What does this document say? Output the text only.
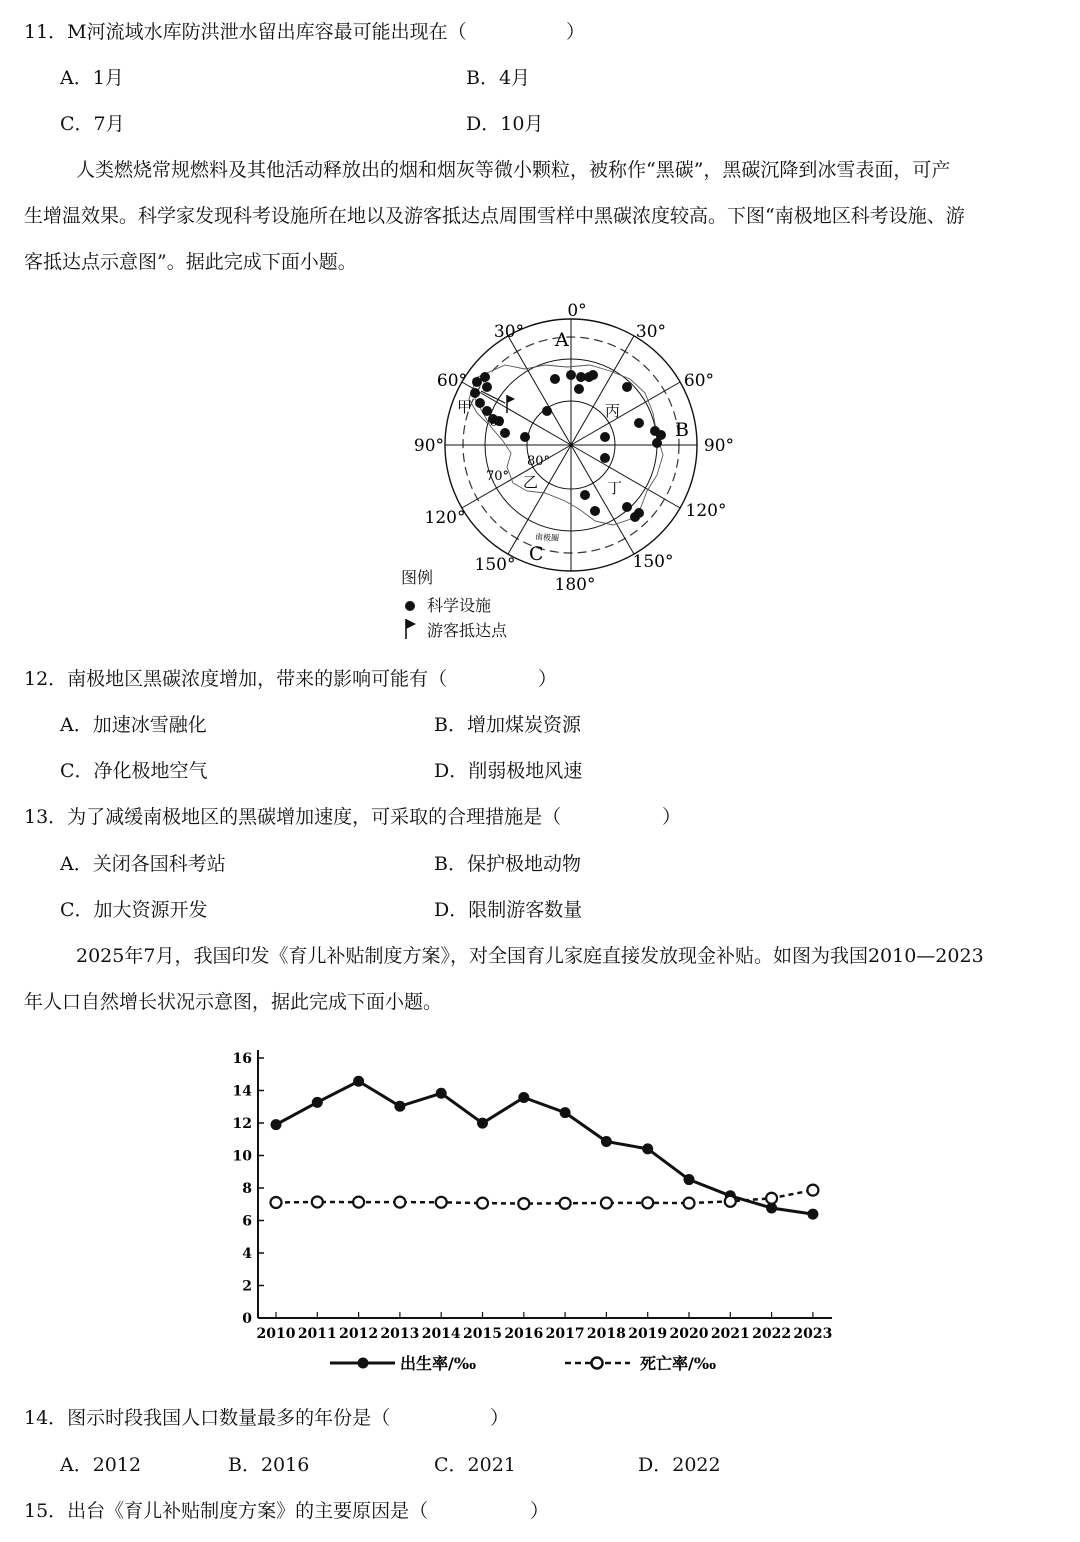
11．M河流域水库防洪泄水留出库容最可能出现在（	）
A．1月	B．4月
C．7月	D．10月
人类燃烧常规燃料及其他活动释放出的烟和烟灰等微小颗粒，被称作“黑碳”，黑碳沉降到冰雪表面，可产
生增温效果。科学家发现科考设施所在地以及游客抵达点周围雪样中黑碳浓度较高。下图“南极地区科考设施、游
客抵达点示意图”。据此完成下面小题。
0°
30°	30°
60°	60°
90°	90°
120°	120°
150°	150°
180°
60
70°
80°
A
B
C
甲
乙
丙
丁
南极圈
图例
科学设施
游客抵达点
12．南极地区黑碳浓度增加，带来的影响可能有（	）
A．加速冰雪融化	B．增加煤炭资源
C．净化极地空气	D．削弱极地风速
13．为了减缓南极地区的黑碳增加速度，可采取的合理措施是（	）
A．关闭各国科考站	B．保护极地动物
C．加大资源开发	D．限制游客数量
2025年7月，我国印发《育儿补贴制度方案》，对全国育儿家庭直接发放现金补贴。如图为我国2010—2023
年人口自然增长状况示意图，据此完成下面小题。
0
2
4
6
8
10
12
14
16
2010 2011 2012 2013 2014 2015 2016 2017 2018 2019 2020 2021 2022 2023
出生率/‰	死亡率/‰
14．图示时段我国人口数量最多的年份是（	）
A．2012	B．2016	C．2021	D．2022
15．出台《育儿补贴制度方案》的主要原因是（	）
